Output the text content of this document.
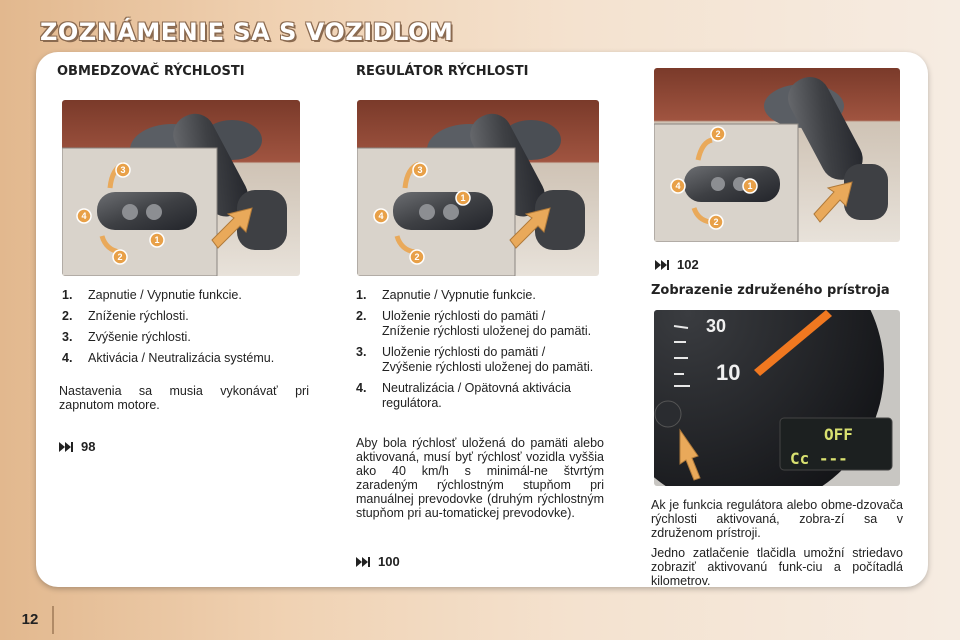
ZOZNÁMENIE SA S VOZIDLOM
OBMEDZOVAČ RÝCHLOSTI
3
4
1
2
1.	Zapnutie / Vypnutie funkcie.
2.	Zníženie rýchlosti.
3.	Zvýšenie rýchlosti.
4.	Aktivácia / Neutralizácia systému.

Nastavenia sa musia vykonávať pri zapnutom motore.

98
REGULÁTOR RÝCHLOSTI
3
4
1
2
1.	Zapnutie / Vypnutie funkcie.
2.	Uloženie rýchlosti do pamäti / Zníženie rýchlosti uloženej do pamäti.
3.	Uloženie rýchlosti do pamäti / Zvýšenie rýchlosti uloženej do pamäti.
4.	Neutralizácia / Opätovná aktivácia regulátora.

Aby bola rýchlosť uložená do pamäti alebo aktivovaná, musí byť rýchlosť vozidla vyššia ako 40 km/h s minimál-ne štvrtým zaradeným rýchlostným stupňom pri manuálnej prevodovke (druhým rýchlostným stupňom pri au-tomatickej prevodovke).

100
2
4	1
2
102
Zobrazenie združeného prístroja
30
10
OFF
Cc ---

Ak je funkcia regulátora alebo obme-dzovača rýchlosti aktivovaná, zobra-zí sa v združenom prístroji.

Jedno zatlačenie tlačidla umožní striedavo zobraziť aktivovanú funk-ciu a počítadlá kilometrov.

12
